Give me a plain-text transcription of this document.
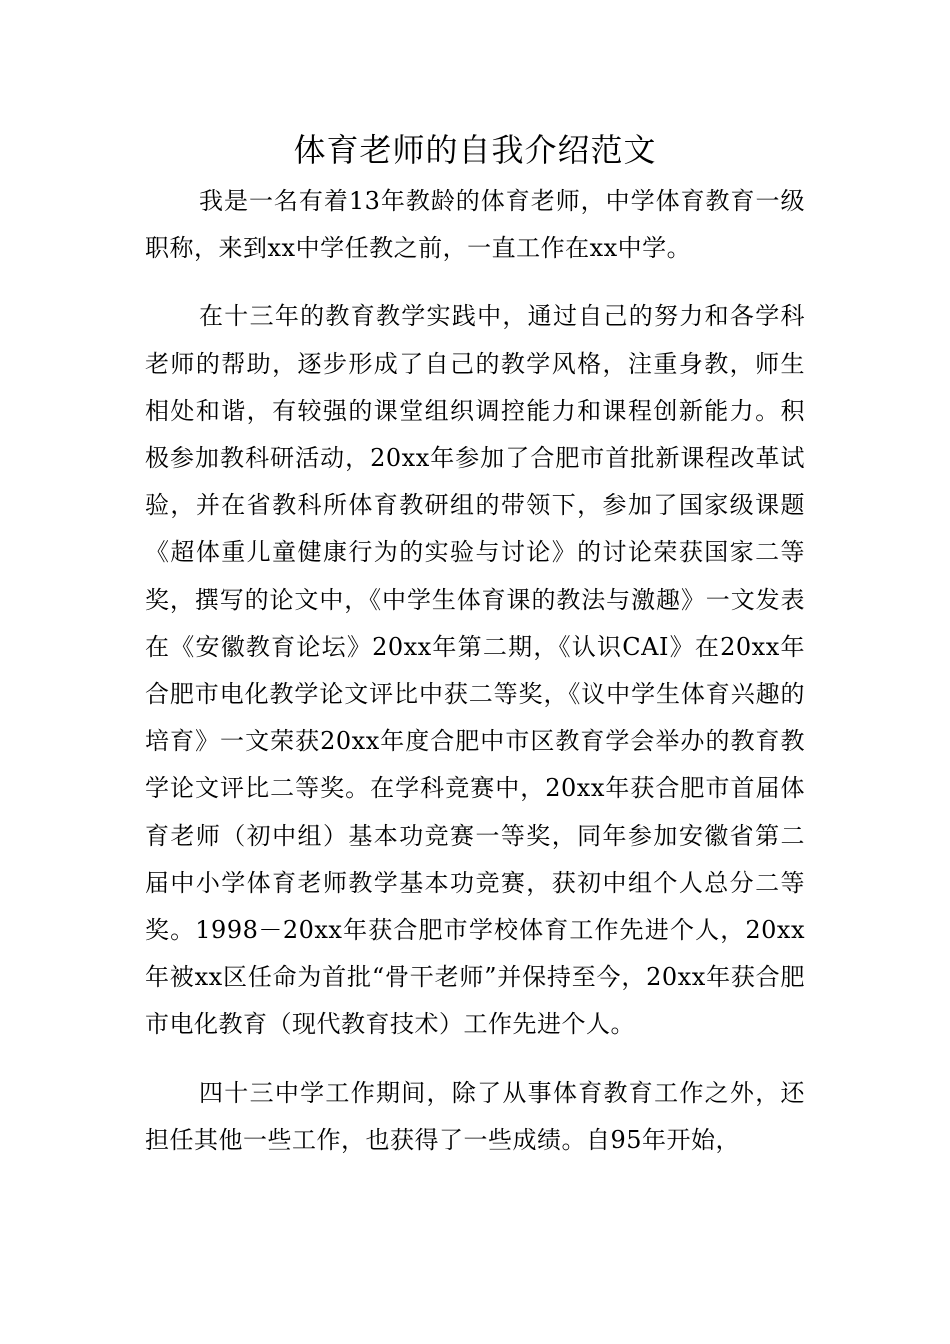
体育老师的自我介绍范文

我是一名有着13年教龄的体育老师，中学体育教育一级职称，来到xx中学任教之前，一直工作在xx中学。

在十三年的教育教学实践中，通过自己的努力和各学科老师的帮助，逐步形成了自己的教学风格，注重身教，师生相处和谐，有较强的课堂组织调控能力和课程创新能力。积极参加教科研活动，20xx年参加了合肥市首批新课程改革试验，并在省教科所体育教研组的带领下，参加了国家级课题《超体重儿童健康行为的实验与讨论》的讨论荣获国家二等奖，撰写的论文中，《中学生体育课的教法与激趣》一文发表在《安徽教育论坛》20xx年第二期，《认识CAI》在20xx年合肥市电化教学论文评比中获二等奖，《议中学生体育兴趣的培育》一文荣获20xx年度合肥中市区教育学会举办的教育教学论文评比二等奖。在学科竞赛中，20xx年获合肥市首届体育老师（初中组）基本功竞赛一等奖，同年参加安徽省第二届中小学体育老师教学基本功竞赛，获初中组个人总分二等奖。1998－20xx年获合肥市学校体育工作先进个人，20xx年被xx区任命为首批“骨干老师”并保持至今，20xx年获合肥市电化教育（现代教育技术）工作先进个人。

四十三中学工作期间，除了从事体育教育工作之外，还担任其他一些工作，也获得了一些成绩。自95年开始，
